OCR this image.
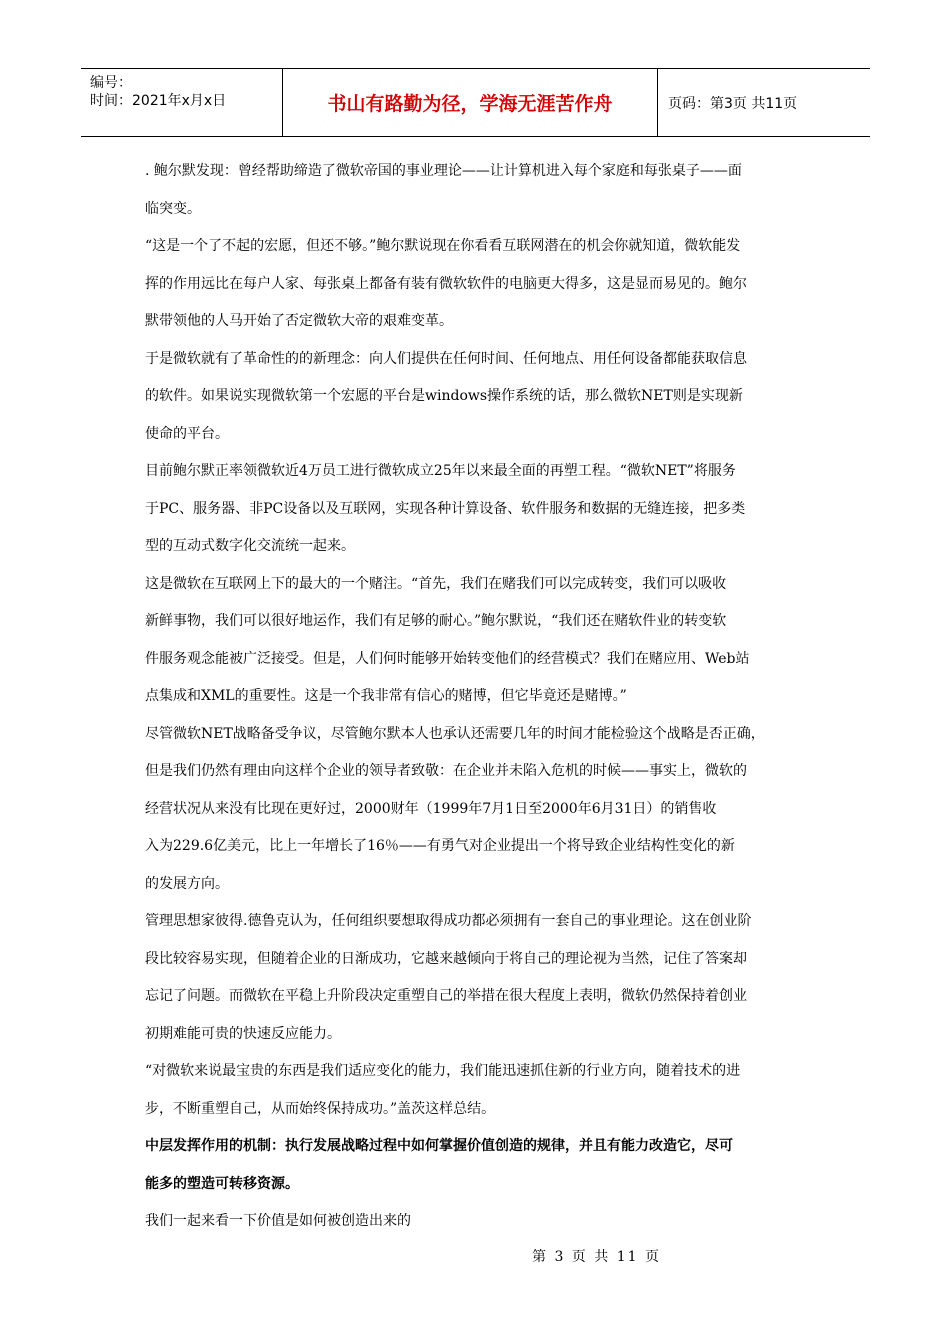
编号：
时间：2021年x月x日	书山有路勤为径，学海无涯苦作舟	页码：第3页 共11页
. 鲍尔默发现：曾经帮助缔造了微软帝国的事业理论——让计算机进入每个家庭和每张桌子——面
临突变。
“这是一个了不起的宏愿，但还不够。”鲍尔默说现在你看看互联网潜在的机会你就知道，微软能发
挥的作用远比在每户人家、每张桌上都备有装有微软软件的电脑更大得多，这是显而易见的。鲍尔
默带领他的人马开始了否定微软大帝的艰难变革。
于是微软就有了革命性的的新理念：向人们提供在任何时间、任何地点、用任何设备都能获取信息
的软件。如果说实现微软第一个宏愿的平台是windows操作系统的话，那么微软NET则是实现新
使命的平台。
目前鲍尔默正率领微软近4万员工进行微软成立25年以来最全面的再塑工程。“微软NET”将服务
于PC、服务器、非PC设备以及互联网，实现各种计算设备、软件服务和数据的无缝连接，把多类
型的互动式数字化交流统一起来。
这是微软在互联网上下的最大的一个赌注。“首先，我们在赌我们可以完成转变，我们可以吸收
新鲜事物，我们可以很好地运作，我们有足够的耐心。”鲍尔默说，“我们还在赌软件业的转变软
件服务观念能被广泛接受。但是，人们何时能够开始转变他们的经营模式？我们在赌应用、Web站
点集成和XML的重要性。这是一个我非常有信心的赌博，但它毕竟还是赌博。”
尽管微软NET战略备受争议，尽管鲍尔默本人也承认还需要几年的时间才能检验这个战略是否正确，
但是我们仍然有理由向这样个企业的领导者致敬：在企业并未陷入危机的时候——事实上，微软的
经营状况从来没有比现在更好过，2000财年（1999年7月1日至2000年6月31日）的销售收
入为229.6亿美元，比上一年增长了16％——有勇气对企业提出一个将导致企业结构性变化的新
的发展方向。
管理思想家彼得.德鲁克认为，任何组织要想取得成功都必须拥有一套自己的事业理论。这在创业阶
段比较容易实现，但随着企业的日渐成功，它越来越倾向于将自己的理论视为当然，记住了答案却
忘记了问题。而微软在平稳上升阶段决定重塑自己的举措在很大程度上表明，微软仍然保持着创业
初期难能可贵的快速反应能力。
“对微软来说最宝贵的东西是我们适应变化的能力，我们能迅速抓住新的行业方向，随着技术的进
步，不断重塑自己，从而始终保持成功。”盖茨这样总结。
中层发挥作用的机制：执行发展战略过程中如何掌握价值创造的规律，并且有能力改造它，尽可
能多的塑造可转移资源。
我们一起来看一下价值是如何被创造出来的
第 3 页 共 11 页
